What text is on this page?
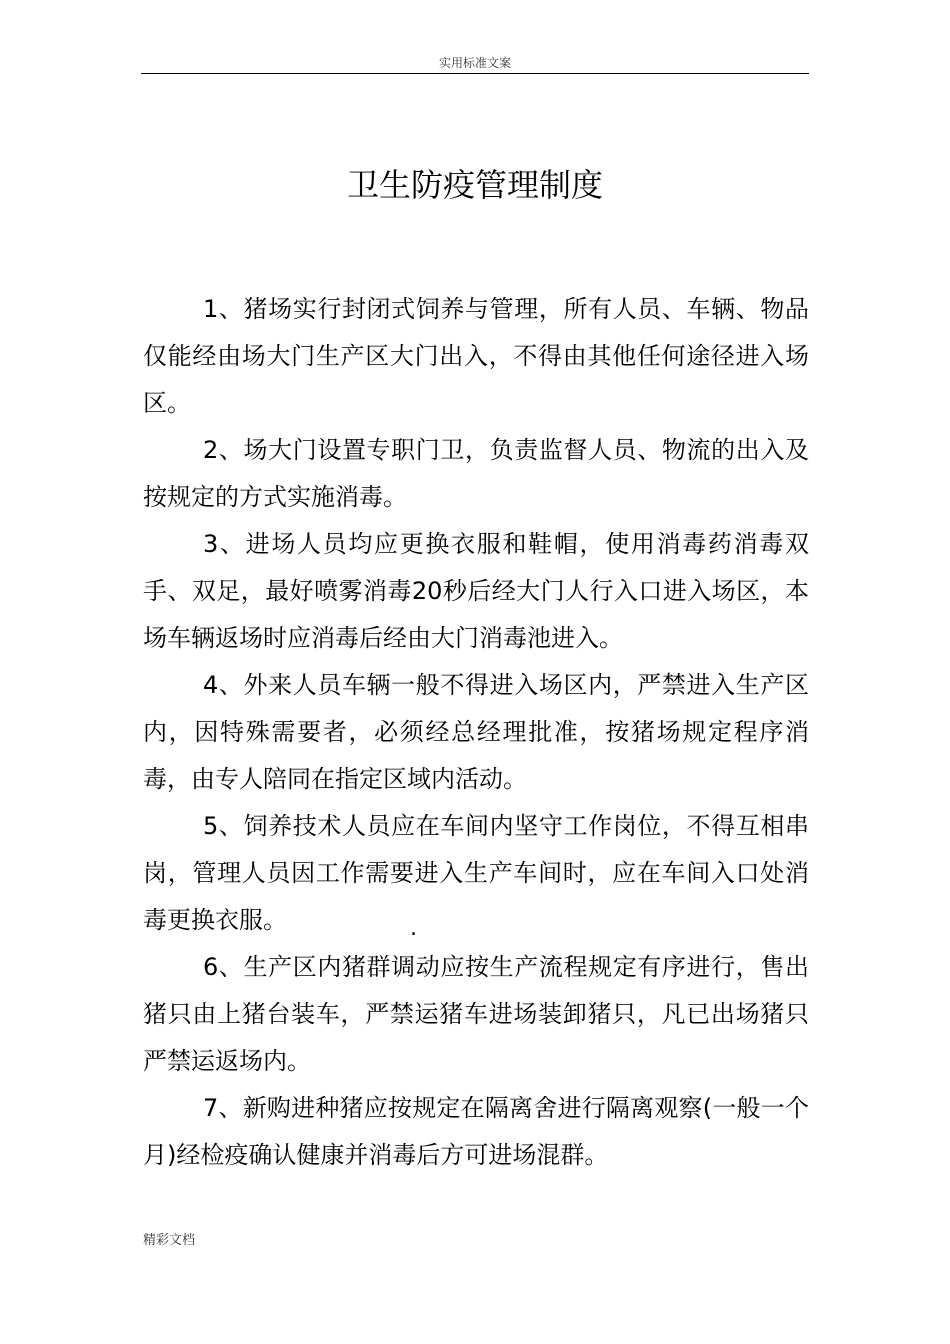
实用标准文案
卫生防疫管理制度

1、猪场实行封闭式饲养与管理，所有人员、车辆、物品仅能经由场大门生产区大门出入，不得由其他任何途径进入场区。

2、场大门设置专职门卫，负责监督人员、物流的出入及按规定的方式实施消毒。

3、进场人员均应更换衣服和鞋帽，使用消毒药消毒双手、双足，最好喷雾消毒20秒后经大门人行入口进入场区，本场车辆返场时应消毒后经由大门消毒池进入。

4、外来人员车辆一般不得进入场区内，严禁进入生产区内，因特殊需要者，必须经总经理批准，按猪场规定程序消毒，由专人陪同在指定区域内活动。

5、饲养技术人员应在车间内坚守工作岗位，不得互相串岗，管理人员因工作需要进入生产车间时，应在车间入口处消毒更换衣服。

6、生产区内猪群调动应按生产流程规定有序进行，售出猪只由上猪台装车，严禁运猪车进场装卸猪只，凡已出场猪只严禁运返场内。

7、新购进种猪应按规定在隔离舍进行隔离观察(一般一个月)经检疫确认健康并消毒后方可进场混群。

.
精彩文档
